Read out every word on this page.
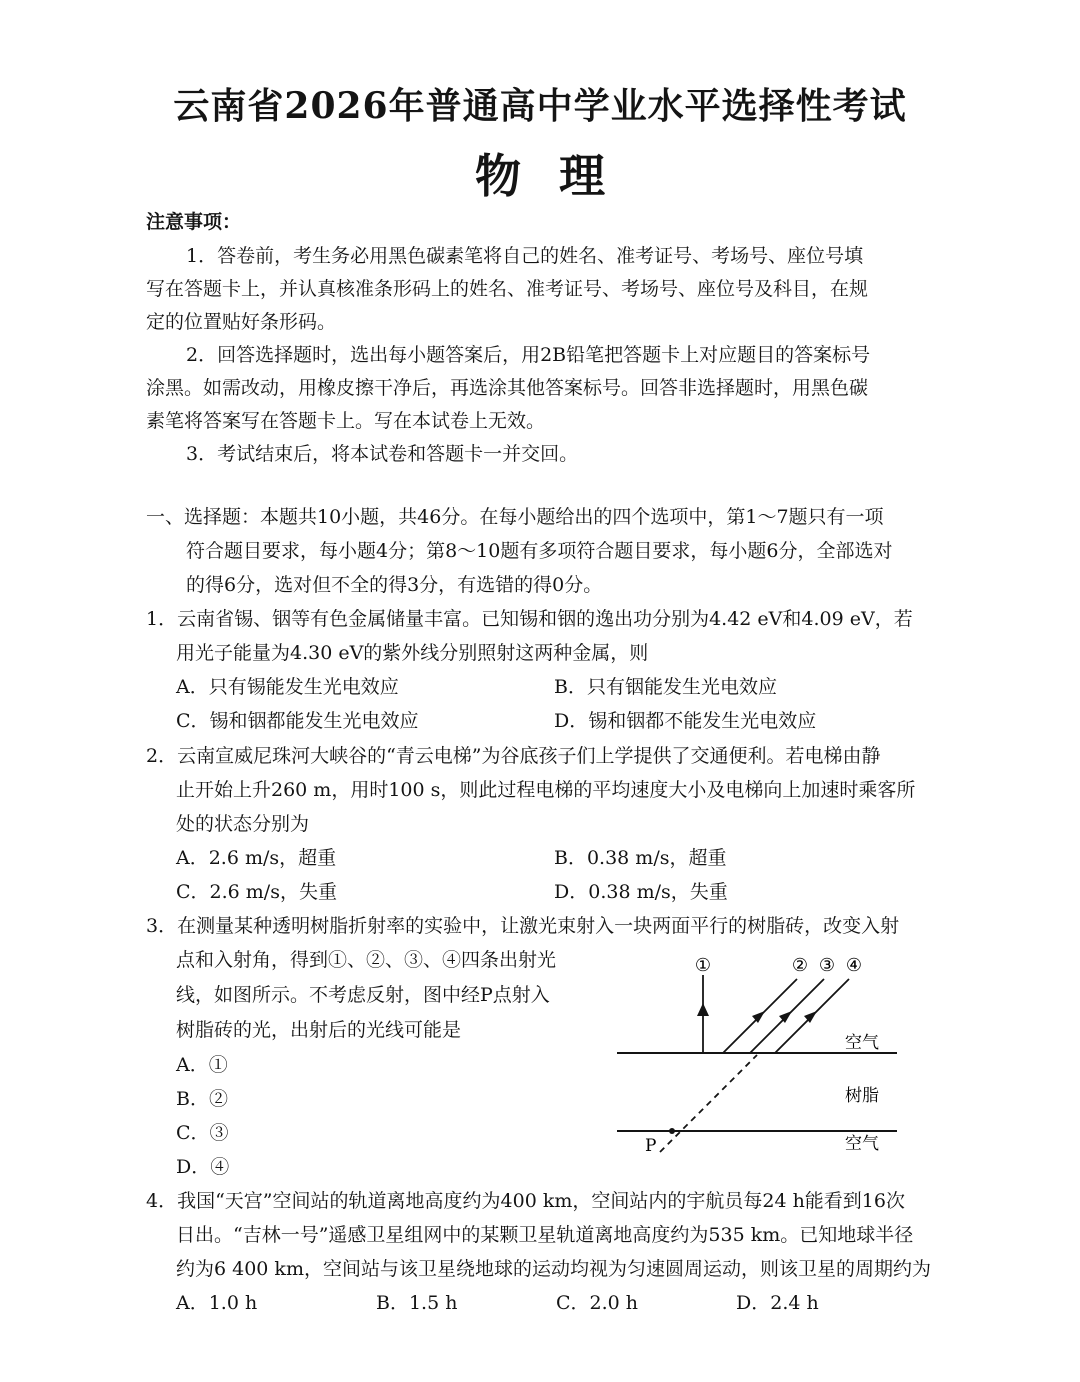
云南省2026年普通高中学业水平选择性考试
物理
注意事项：
1．答卷前，考生务必用黑色碳素笔将自己的姓名、准考证号、考场号、座位号填
写在答题卡上，并认真核准条形码上的姓名、准考证号、考场号、座位号及科目，在规
定的位置贴好条形码。
2．回答选择题时，选出每小题答案后，用2B铅笔把答题卡上对应题目的答案标号
涂黑。如需改动，用橡皮擦干净后，再选涂其他答案标号。回答非选择题时，用黑色碳
素笔将答案写在答题卡上。写在本试卷上无效。
3．考试结束后，将本试卷和答题卡一并交回。
一、选择题：本题共10小题，共46分。在每小题给出的四个选项中，第1～7题只有一项
符合题目要求，每小题4分；第8～10题有多项符合题目要求，每小题6分，全部选对
的得6分，选对但不全的得3分，有选错的得0分。
1．云南省锡、铟等有色金属储量丰富。已知锡和铟的逸出功分别为4.42 eV和4.09 eV，若
用光子能量为4.30 eV的紫外线分别照射这两种金属，则
A．只有锡能发生光电效应	B．只有铟能发生光电效应
C．锡和铟都能发生光电效应	D．锡和铟都不能发生光电效应
2．云南宣威尼珠河大峡谷的“青云电梯”为谷底孩子们上学提供了交通便利。若电梯由静
止开始上升260 m，用时100 s，则此过程电梯的平均速度大小及电梯向上加速时乘客所
处的状态分别为
A．2.6 m/s，超重	B．0.38 m/s，超重
C．2.6 m/s，失重	D．0.38 m/s，失重
3．在测量某种透明树脂折射率的实验中，让激光束射入一块两面平行的树脂砖，改变入射
点和入射角，得到①、②、③、④四条出射光
线，如图所示。不考虑反射，图中经P点射入
树脂砖的光，出射后的光线可能是
A．①
B．②
C．③
D．④
①	② ③ ④
空气
树脂
空气
P
4．我国“天宫”空间站的轨道离地高度约为400 km，空间站内的宇航员每24 h能看到16次
日出。“吉林一号”遥感卫星组网中的某颗卫星轨道离地高度约为535 km。已知地球半径
约为6 400 km，空间站与该卫星绕地球的运动均视为匀速圆周运动，则该卫星的周期约为
A．1.0 h	B．1.5 h	C．2.0 h	D．2.4 h
